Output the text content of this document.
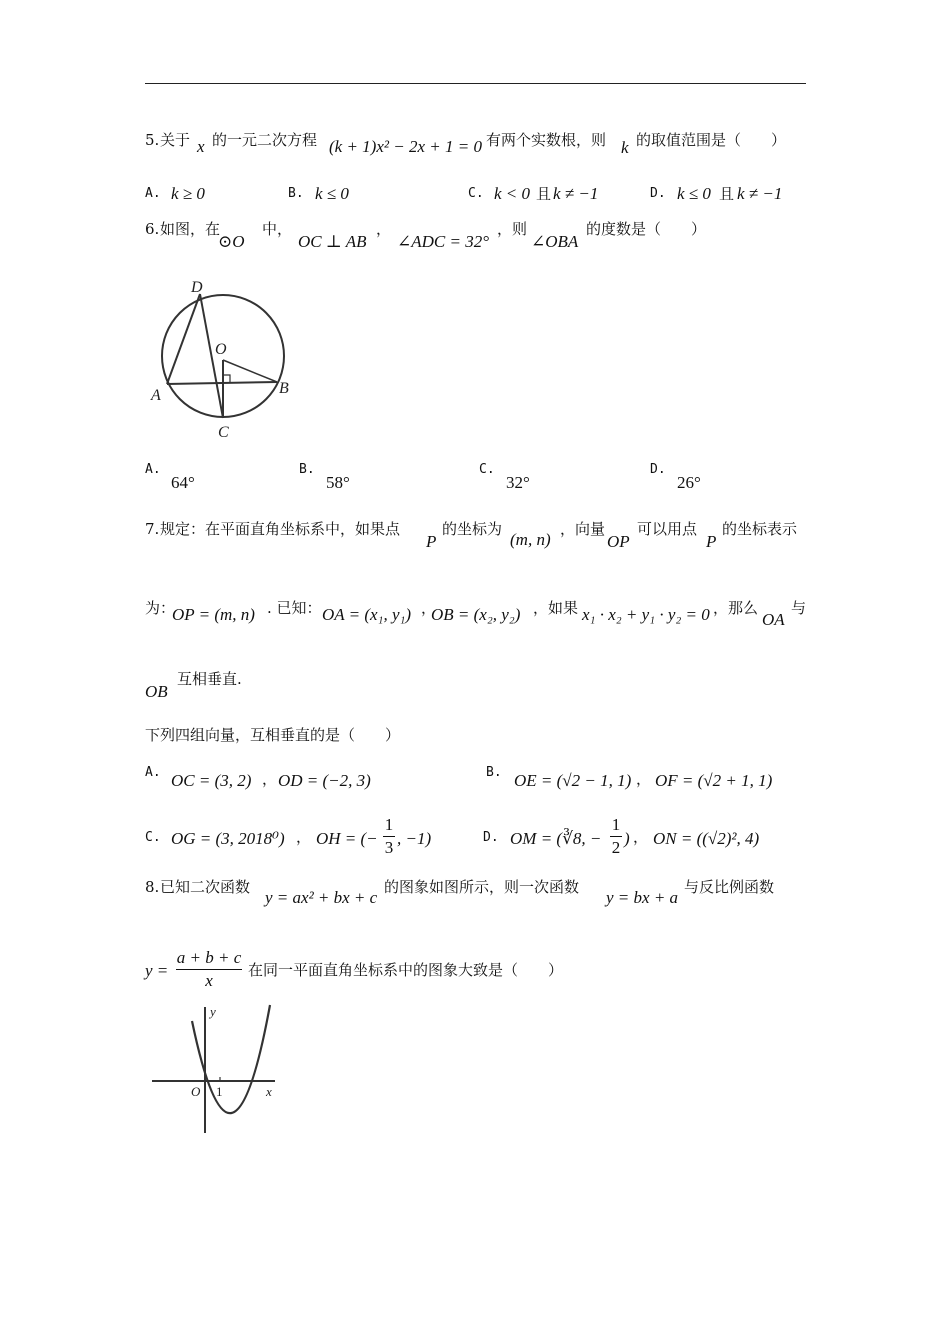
5. 关于 x 的一元二次方程 (k + 1)x² − 2x + 1 = 0 有两个实数根，则 k 的取值范围是（　　）
A. k ≥ 0	B. k ≤ 0	C. k < 0 且 k ≠ −1	D. k ≤ 0 且 k ≠ −1
6. 如图，在
⊙O
中，
OC ⊥ AB
，
∠ADC = 32°
，则
∠OBA
的度数是（　　）
D
O
A	B
C
A.
64°
B.
58°
C.
32°
D.
26°
7. 规定：在平面直角坐标系中，如果点
P
的坐标为
(m, n)
，向量
OP
可以用点
P
的坐标表示
为：
OP = (m, n) . 已知： OA = (x₁, y₁) ，
OB = (x₂, y₂) ，如果 x₁ · x₂ + y₁ · y₂ = 0 ，那么
OA
与
OB
互相垂直.
下列四组向量，互相垂直的是（　　）
A. OC = (3, 2) ， OD = (−2, 3)	B. OE = (√2 − 1, 1) ， OF = (√2 + 1, 1)
C. OG = (3, 2018⁰) ， OH = (−
1
3 , −1)	D. OM = (∛8, −
1
2 ) ， ON = ((√2)², 4)
8. 已知二次函数
y = ax² + bx + c
的图象如图所示，则一次函数
y = bx + a
与反比例函数
y =
a + b + c
x
在同一平面直角坐标系中的图象大致是（　　）
y
O 1	x
